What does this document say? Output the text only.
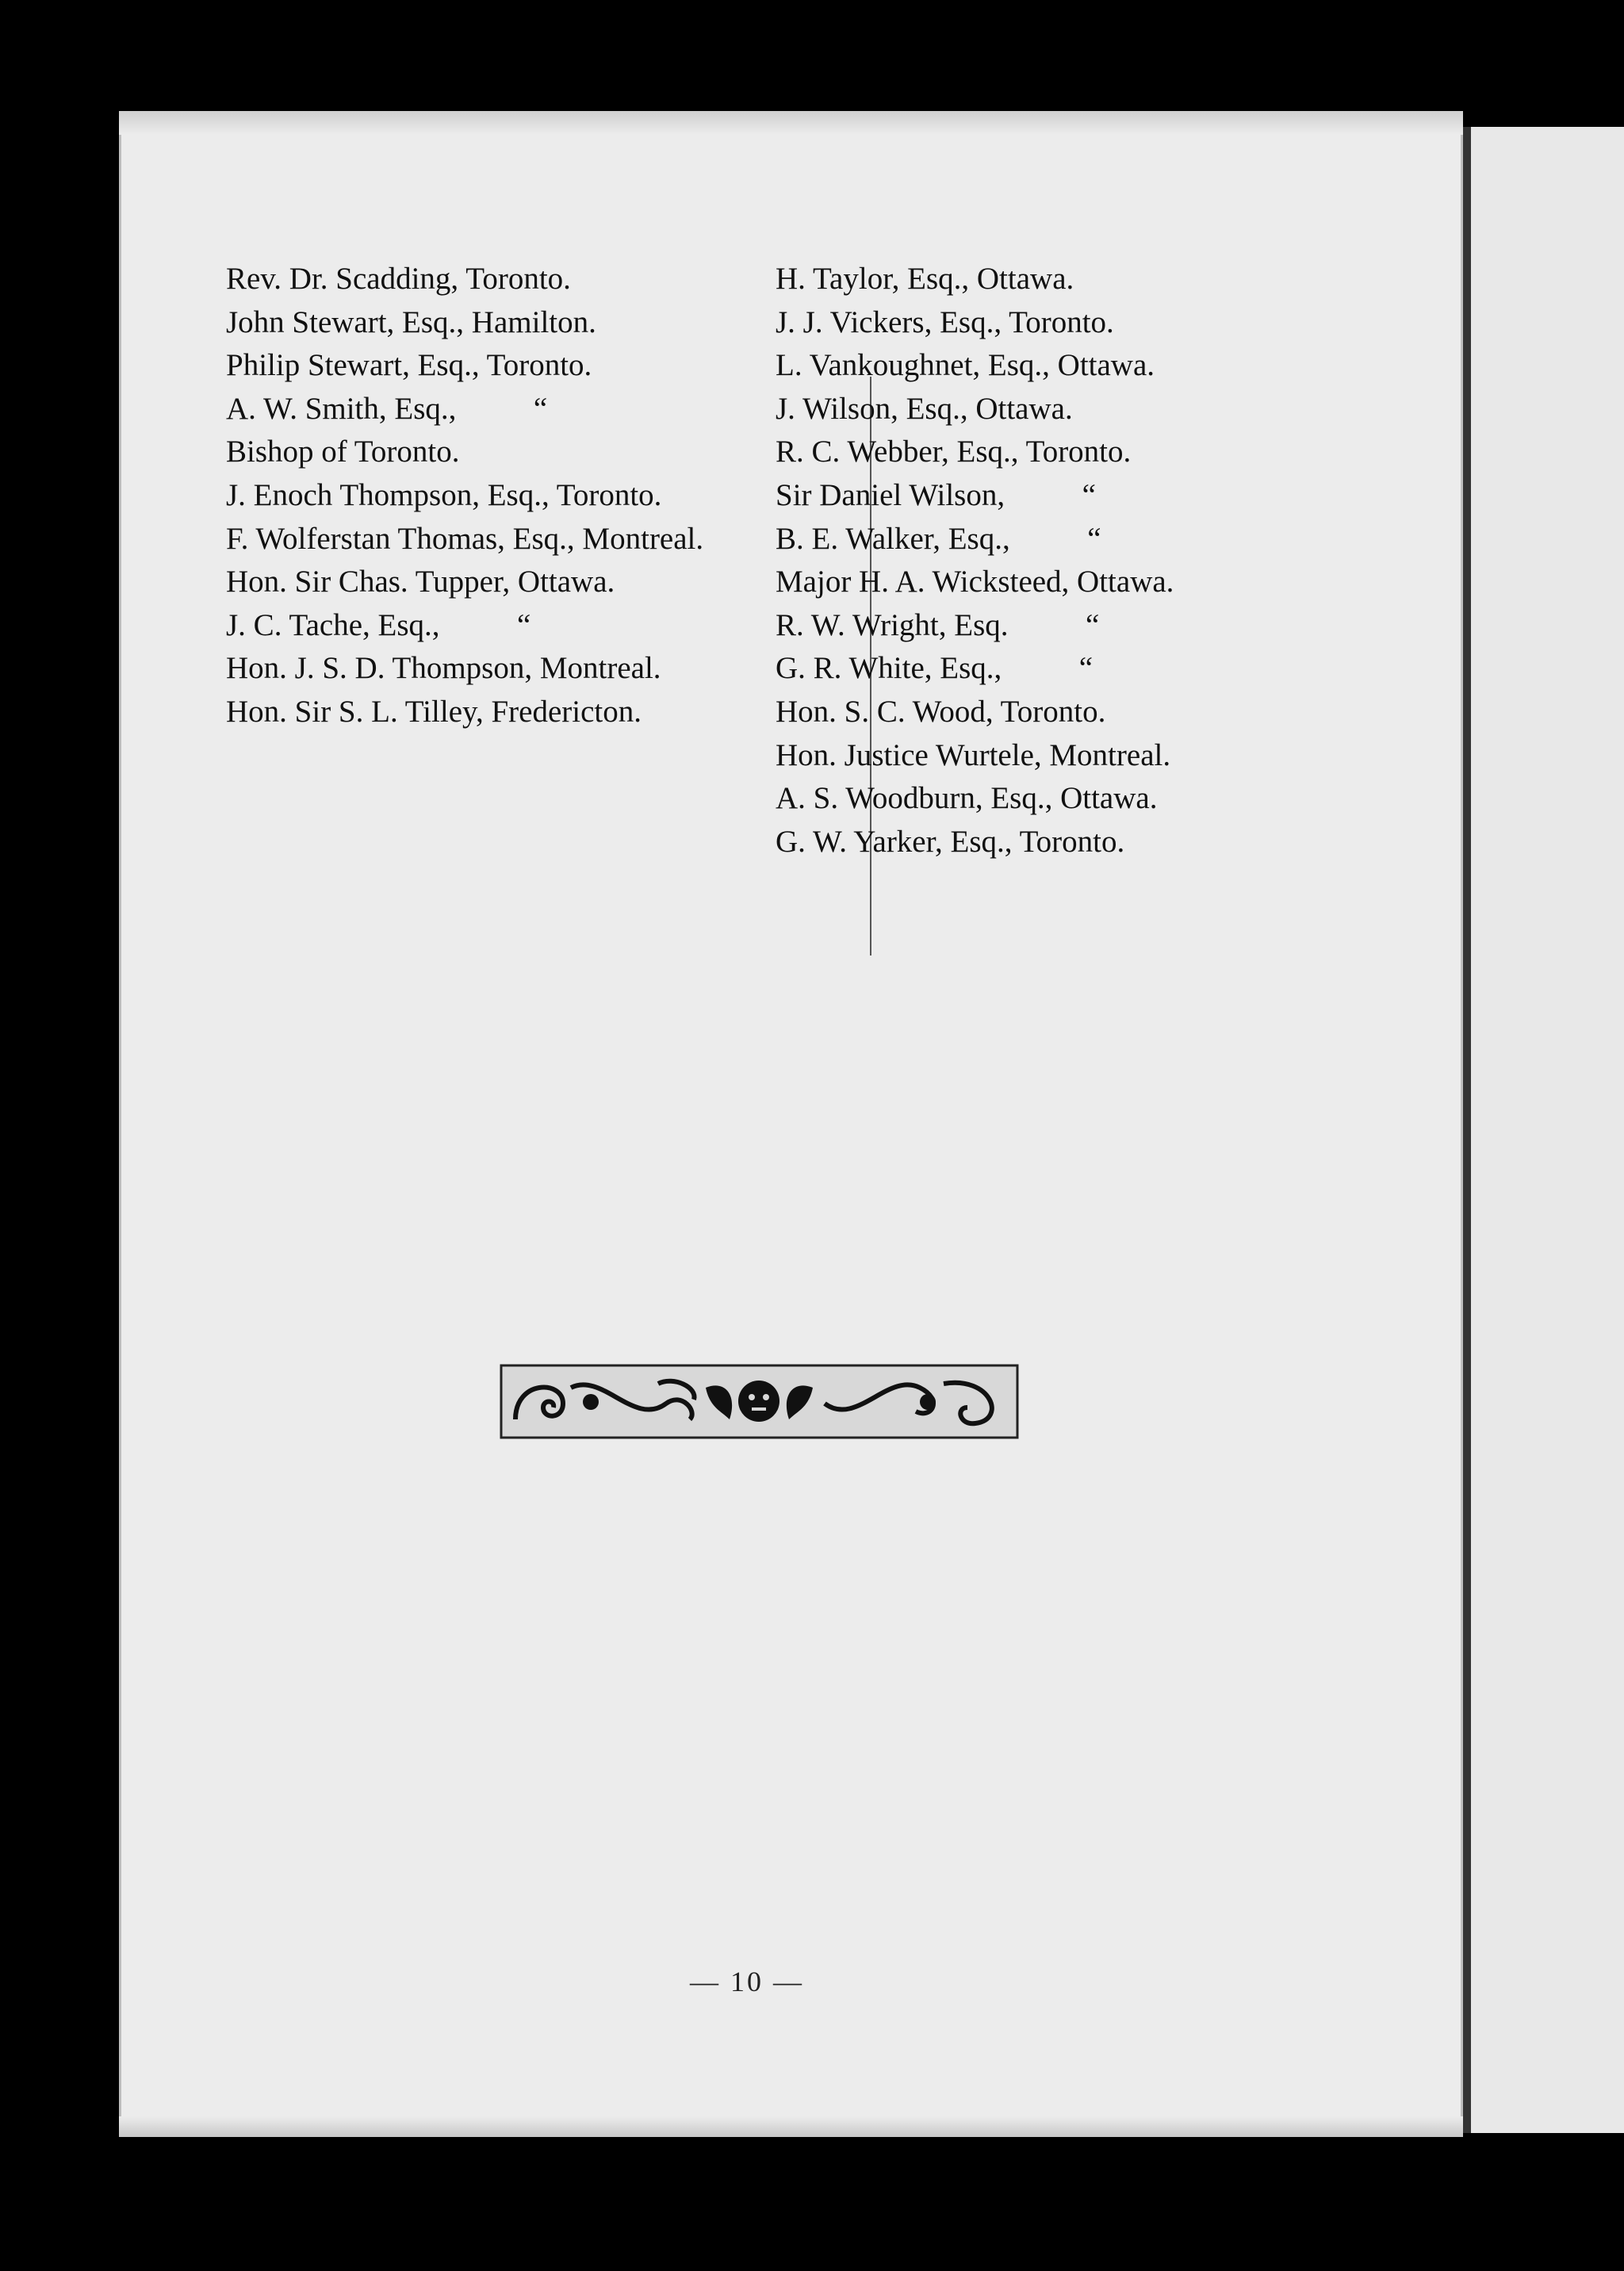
Rev. Dr. Scadding, Toronto.
John Stewart, Esq., Hamilton.
Philip Stewart, Esq., Toronto.
A. W. Smith, Esq.,          “
Bishop of Toronto.
J. Enoch Thompson, Esq., Toronto.
F. Wolferstan Thomas, Esq., Montreal.
Hon. Sir Chas. Tupper, Ottawa.
J. C. Tache, Esq.,          “
Hon. J. S. D. Thompson, Montreal.
Hon. Sir S. L. Tilley, Fredericton.
H. Taylor, Esq., Ottawa.
J. J. Vickers, Esq., Toronto.
L. Vankoughnet, Esq., Ottawa.
J. Wilson, Esq., Ottawa.
R. C. Webber, Esq., Toronto.
Sir Daniel Wilson,          “
B. E. Walker, Esq.,          “
Major H. A. Wicksteed, Ottawa.
R. W. Wright, Esq.          “
G. R. White, Esq.,          “
Hon. S. C. Wood, Toronto.
Hon. Justice Wurtele, Montreal.
A. S. Woodburn, Esq., Ottawa.
G. W. Yarker, Esq., Toronto.
— 10 —
